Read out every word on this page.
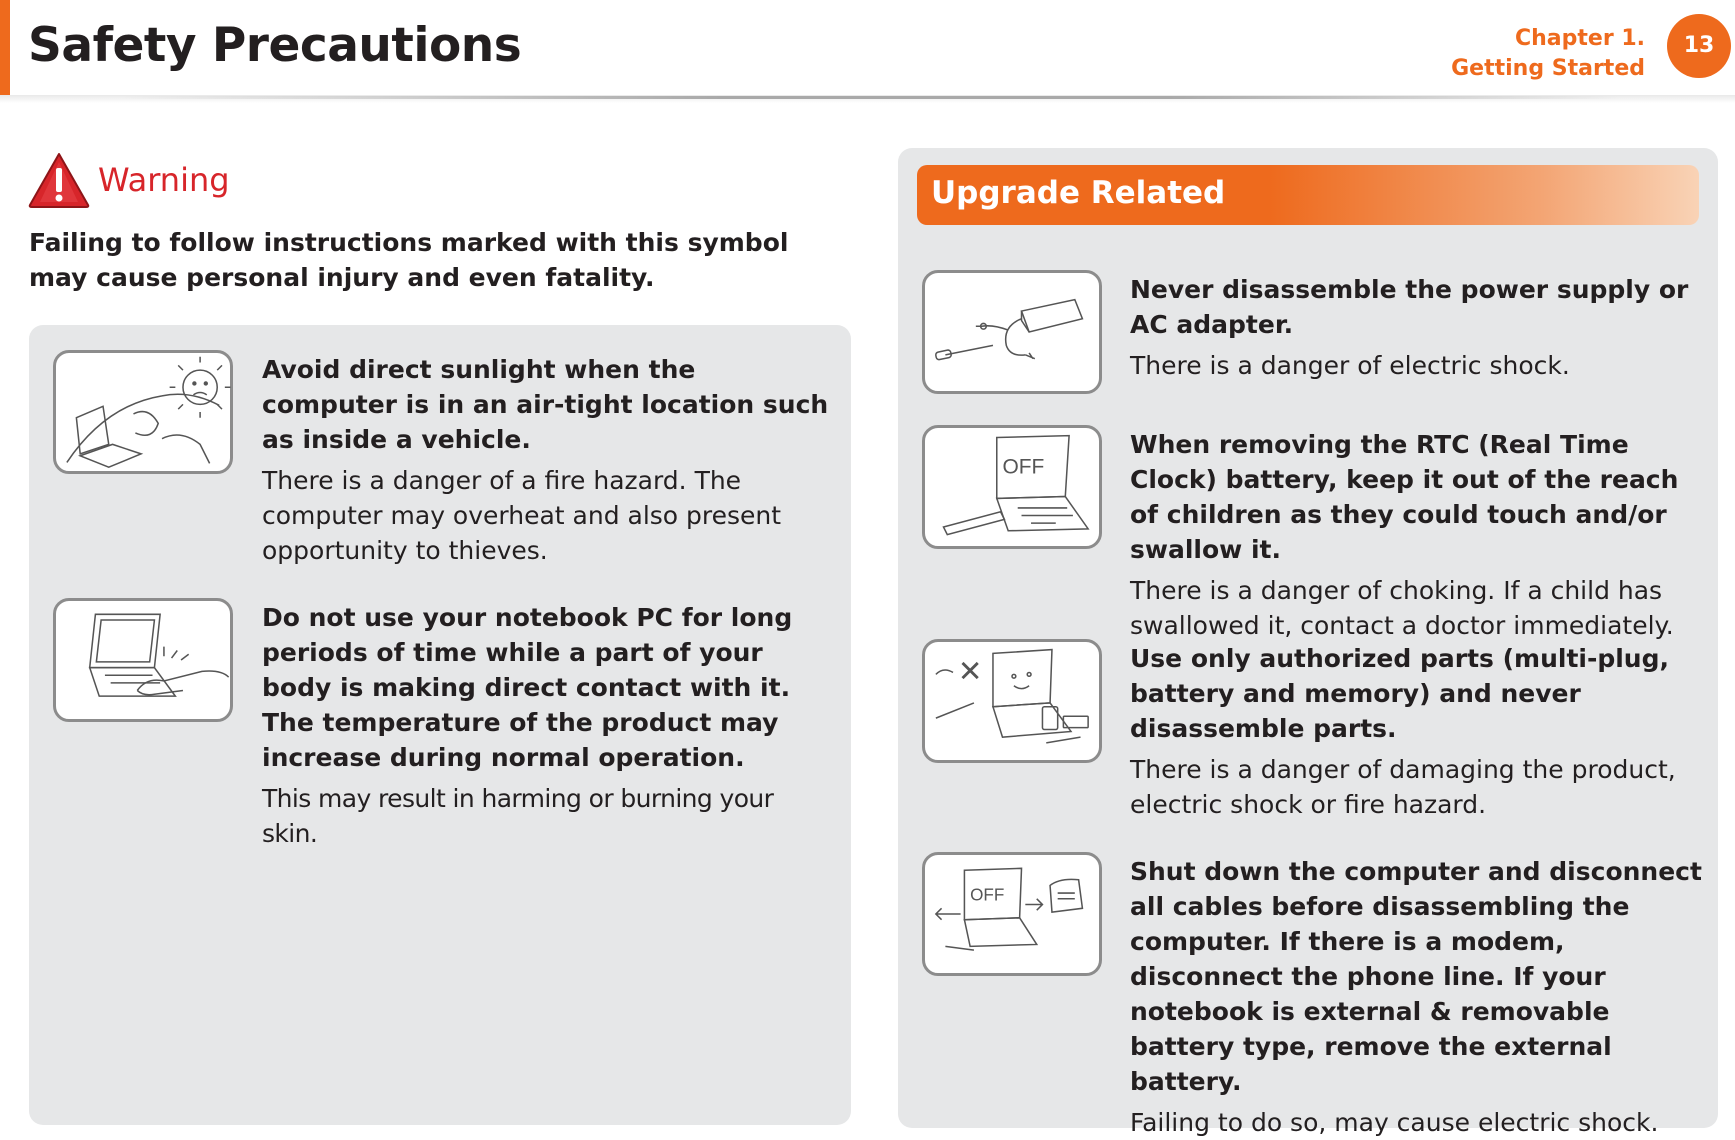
Safety Precautions	Chapter 1.
Getting Started
13
Warning
Failing to follow instructions marked with this symbol may cause personal injury and even fatality.
Avoid direct sunlight when the computer is in an air-tight location such as inside a vehicle.
There is a danger of a fire hazard. The computer may overheat and also present opportunity to thieves.
Do not use your notebook PC for long periods of time while a part of your body is making direct contact with it. The temperature of the product may increase during normal operation.
This may result in harming or burning your skin.
Upgrade Related
Never disassemble the power supply or AC adapter.
There is a danger of electric shock.
OFF
When removing the RTC (Real Time Clock) battery, keep it out of the reach of children as they could touch and/or swallow it.
There is a danger of choking. If a child has swallowed it, contact a doctor immediately.
Use only authorized parts (multi-plug, battery and memory) and never disassemble parts.
There is a danger of damaging the product, electric shock or fire hazard.
OFF
Shut down the computer and disconnect all cables before disassembling the computer. If there is a modem, disconnect the phone line. If your notebook is external & removable battery type, remove the external battery.
Failing to do so, may cause electric shock.
